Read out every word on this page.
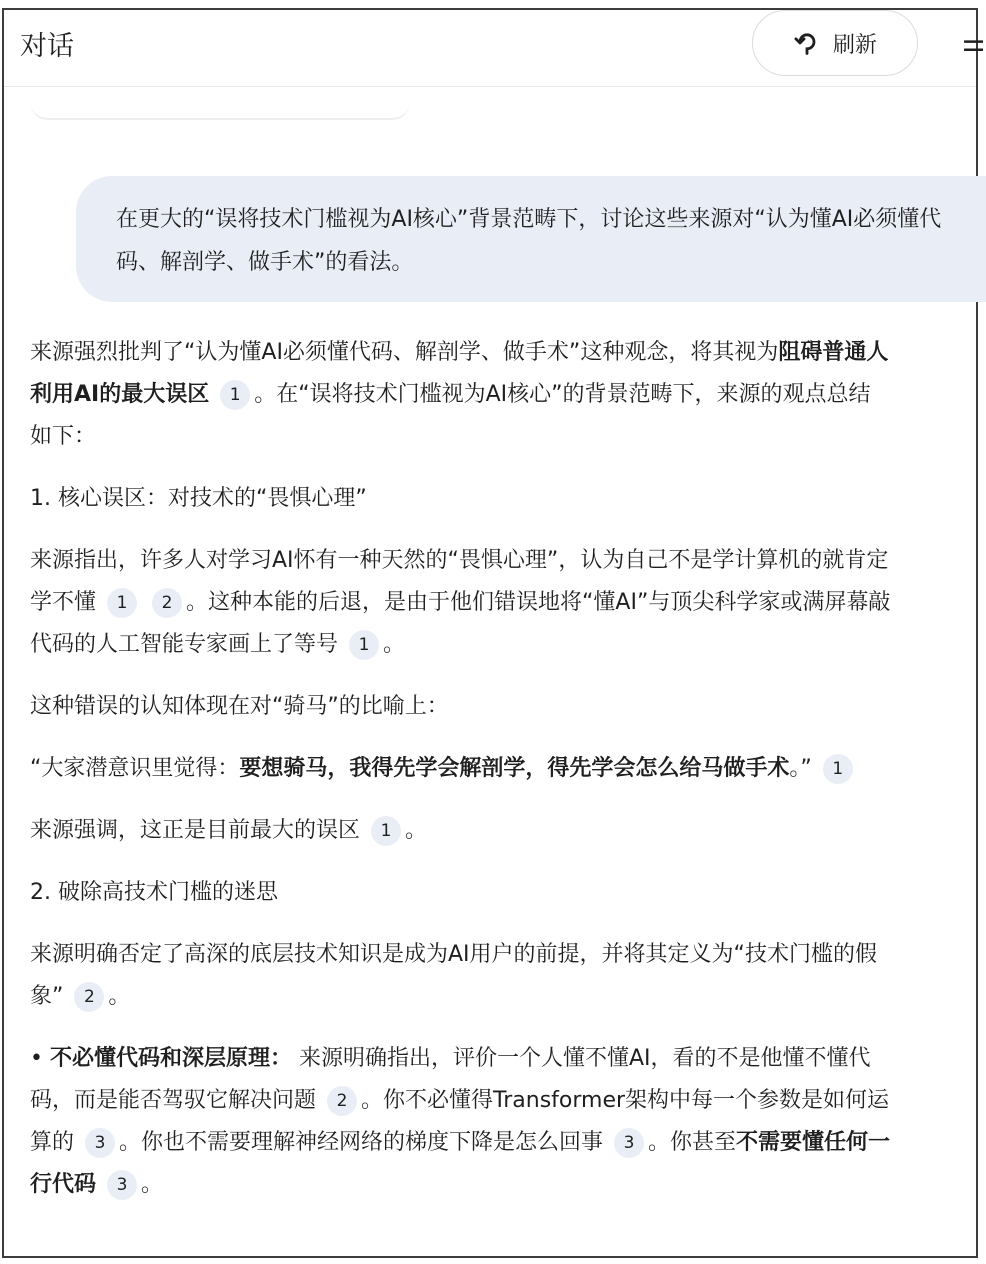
对话	刷新	⚌
在更大的“误将技术门槛视为AI核心”背景范畴下，讨论这些来源对“认为懂AI必须懂代码、解剖学、做手术”的看法。

来源强烈批判了“认为懂AI必须懂代码、解剖学、做手术”这种观念，将其视为阻碍普通人利用AI的最大误区 1 。在“误将技术门槛视为AI核心”的背景范畴下，来源的观点总结如下：

1. 核心误区：对技术的“畏惧心理”

来源指出，许多人对学习AI怀有一种天然的“畏惧心理”，认为自己不是学计算机的就肯定学不懂 1 2 。这种本能的后退，是由于他们错误地将“懂AI”与顶尖科学家或满屏幕敲代码的人工智能专家画上了等号 1 。

这种错误的认知体现在对“骑马”的比喻上：

“大家潜意识里觉得：要想骑马，我得先学会解剖学，得先学会怎么给马做手术。” 1

来源强调，这正是目前最大的误区 1 。

2. 破除高技术门槛的迷思

来源明确否定了高深的底层技术知识是成为AI用户的前提，并将其定义为“技术门槛的假象” 2 。

• 不必懂代码和深层原理： 来源明确指出，评价一个人懂不懂AI，看的不是他懂不懂代码，而是能否驾驭它解决问题 2 。你不必懂得Transformer架构中每一个参数是如何运算的 3 。你也不需要理解神经网络的梯度下降是怎么回事 3 。你甚至不需要懂任何一行代码 3 。
